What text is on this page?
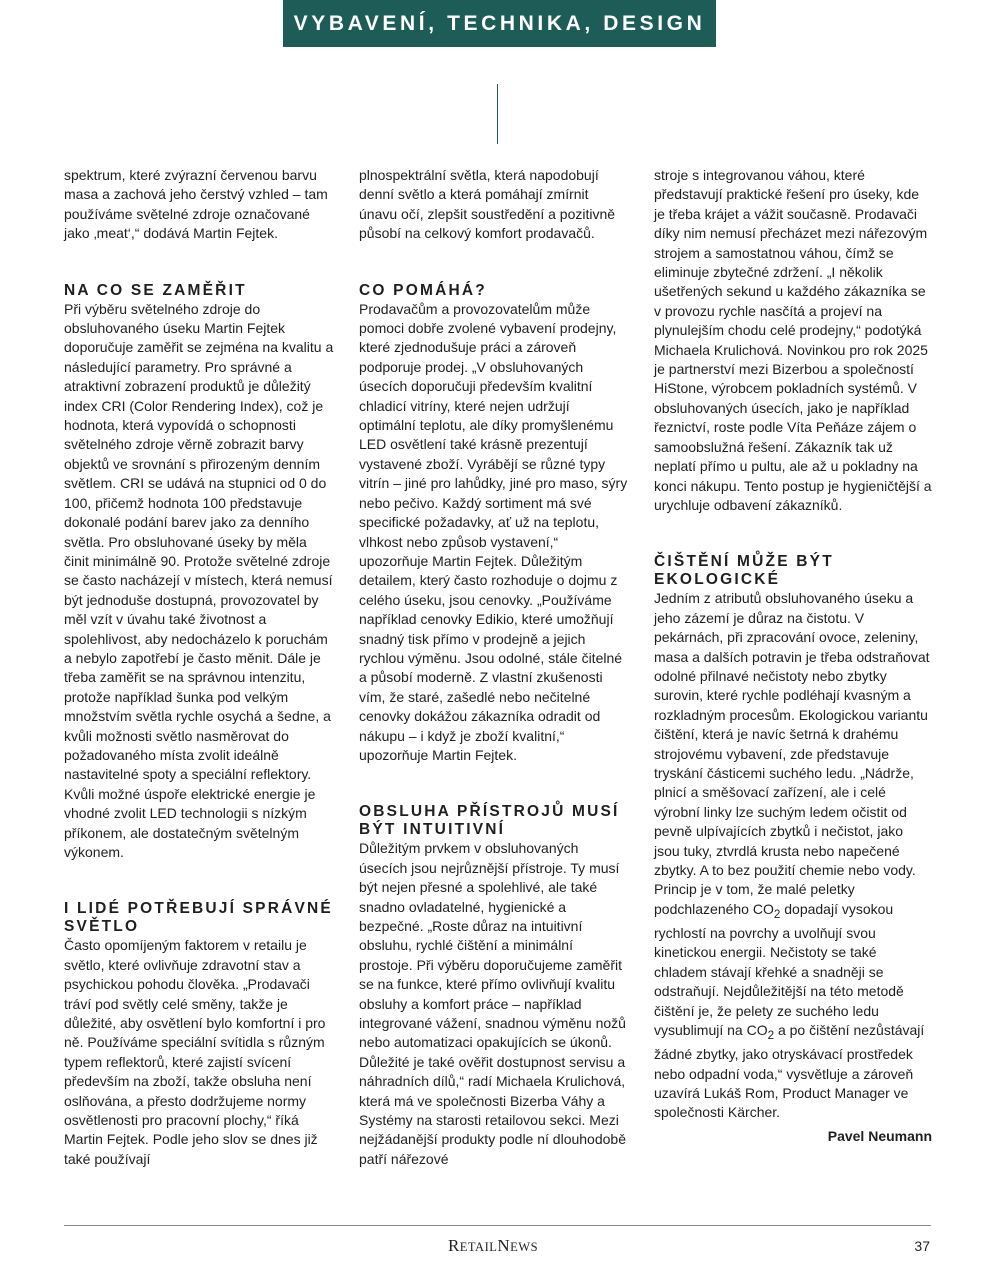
VYBAVENÍ, TECHNIKA, DESIGN

spektrum, které zvýrazní červenou barvu masa a zachová jeho čerstvý vzhled – tam používáme světelné zdroje označované jako ‚meat‘,“ dodává Martin Fejtek.

NA CO SE ZAMĚŘIT

Při výběru světelného zdroje do obsluhovaného úseku Martin Fejtek doporučuje zaměřit se zejména na kvalitu a následující parametry. Pro správné a atraktivní zobrazení produktů je důležitý index CRI (Color Rendering Index), což je hodnota, která vypovídá o schopnosti světelného zdroje věrně zobrazit barvy objektů ve srovnání s přirozeným denním světlem. CRI se udává na stupnici od 0 do 100, přičemž hodnota 100 představuje dokonalé podání barev jako za denního světla. Pro obsluhované úseky by měla činit minimálně 90. Protože světelné zdroje se často nacházejí v místech, která nemusí být jednoduše dostupná, provozovatel by měl vzít v úvahu také životnost a spolehlivost, aby nedocházelo k poruchám a nebylo zapotřebí je často měnit. Dále je třeba zaměřit se na správnou intenzitu, protože například šunka pod velkým množstvím světla rychle osychá a šedne, a kvůli možnosti světlo nasměrovat do požadovaného místa zvolit ideálně nastavitelné spoty a speciální reflektory. Kvůli možné úspoře elektrické energie je vhodné zvolit LED technologii s nízkým příkonem, ale dostatečným světelným výkonem.

I LIDÉ POTŘEBUJÍ SPRÁVNÉ SVĚTLO

Často opomíjeným faktorem v retailu je světlo, které ovlivňuje zdravotní stav a psychickou pohodu člověka. „Prodavači tráví pod světly celé směny, takže je důležité, aby osvětlení bylo komfortní i pro ně. Používáme speciální svítidla s různým typem reflektorů, které zajistí svícení především na zboží, takže obsluha není oslňována, a přesto dodržujeme normy osvětlenosti pro pracovní plochy,“ říká Martin Fejtek. Podle jeho slov se dnes již také používají

plnospektrální světla, která napodobují denní světlo a která pomáhají zmírnit únavu očí, zlepšit soustředění a pozitivně působí na celkový komfort prodavačů.

CO POMÁHÁ?

Prodavačům a provozovatelům může pomoci dobře zvolené vybavení prodejny, které zjednodušuje práci a zároveň podporuje prodej. „V obsluhovaných úsecích doporučuji především kvalitní chladicí vitríny, které nejen udržují optimální teplotu, ale díky promyšlenému LED osvětlení také krásně prezentují vystavené zboží. Vyrábějí se různé typy vitrín – jiné pro lahůdky, jiné pro maso, sýry nebo pečivo. Každý sortiment má své specifické požadavky, ať už na teplotu, vlhkost nebo způsob vystavení,“ upozorňuje Martin Fejtek. Důležitým detailem, který často rozhoduje o dojmu z celého úseku, jsou cenovky. „Používáme například cenovky Edikio, které umožňují snadný tisk přímo v prodejně a jejich rychlou výměnu. Jsou odolné, stále čitelné a působí moderně. Z vlastní zkušenosti vím, že staré, zašedlé nebo nečitelné cenovky dokážou zákazníka odradit od nákupu – i když je zboží kvalitní,“ upozorňuje Martin Fejtek.

OBSLUHA PŘÍSTROJŮ MUSÍ BÝT INTUITIVNÍ

Důležitým prvkem v obsluhovaných úsecích jsou nejrůznější přístroje. Ty musí být nejen přesné a spolehlivé, ale také snadno ovladatelné, hygienické a bezpečné. „Roste důraz na intuitivní obsluhu, rychlé čištění a minimální prostoje. Při výběru doporučujeme zaměřit se na funkce, které přímo ovlivňují kvalitu obsluhy a komfort práce – například integrované vážení, snadnou výměnu nožů nebo automatizaci opakujících se úkonů. Důležité je také ověřit dostupnost servisu a náhradních dílů,“ radí Michaela Krulichová, která má ve společnosti Bizerba Váhy a Systémy na starosti retailovou sekci. Mezi nejžádanější produkty podle ní dlouhodobě patří nářezové

stroje s integrovanou váhou, které představují praktické řešení pro úseky, kde je třeba krájet a vážit současně. Prodavači díky nim nemusí přecházet mezi nářezovým strojem a samostatnou váhou, čímž se eliminuje zbytečné zdržení. „I několik ušetřených sekund u každého zákazníka se v provozu rychle nasčítá a projeví na plynulejším chodu celé prodejny,“ podotýká Michaela Krulichová. Novinkou pro rok 2025 je partnerství mezi Bizerbou a společností HiStone, výrobcem pokladních systémů. V obsluhovaných úsecích, jako je například řeznictví, roste podle Víta Peňáze zájem o samoobslužná řešení. Zákazník tak už neplatí přímo u pultu, ale až u pokladny na konci nákupu. Tento postup je hygieničtější a urychluje odbavení zákazníků.

ČIŠTĚNÍ MŮŽE BÝT EKOLOGICKÉ

Jedním z atributů obsluhovaného úseku a jeho zázemí je důraz na čistotu. V pekárnách, při zpracování ovoce, zeleniny, masa a dalších potravin je třeba odstraňovat odolné přilnavé nečistoty nebo zbytky surovin, které rychle podléhají kvasným a rozkladným procesům. Ekologickou variantu čištění, která je navíc šetrná k drahému strojovému vybavení, zde představuje tryskání částicemi suchého ledu. „Nádrže, plnicí a směšovací zařízení, ale i celé výrobní linky lze suchým ledem očistit od pevně ulpívajících zbytků i nečistot, jako jsou tuky, ztvrdlá krusta nebo napečené zbytky. A to bez použití chemie nebo vody. Princip je v tom, že malé peletky podchlazeného $CO_2$ dopadají vysokou rychlostí na povrchy a uvolňují svou kinetickou energii. Nečistoty se také chladem stávají křehké a snadněji se odstraňují. Nejdůležitější na této metodě čištění je, že pelety ze suchého ledu vysublimují na $CO_2$ a po čištění nezůstávají žádné zbytky, jako otryskávací prostředek nebo odpadní voda,“ vysvětluje a zároveň uzavírá Lukáš Rom, Product Manager ve společnosti Kärcher.

Pavel Neumann

RETAILNEWS	37
